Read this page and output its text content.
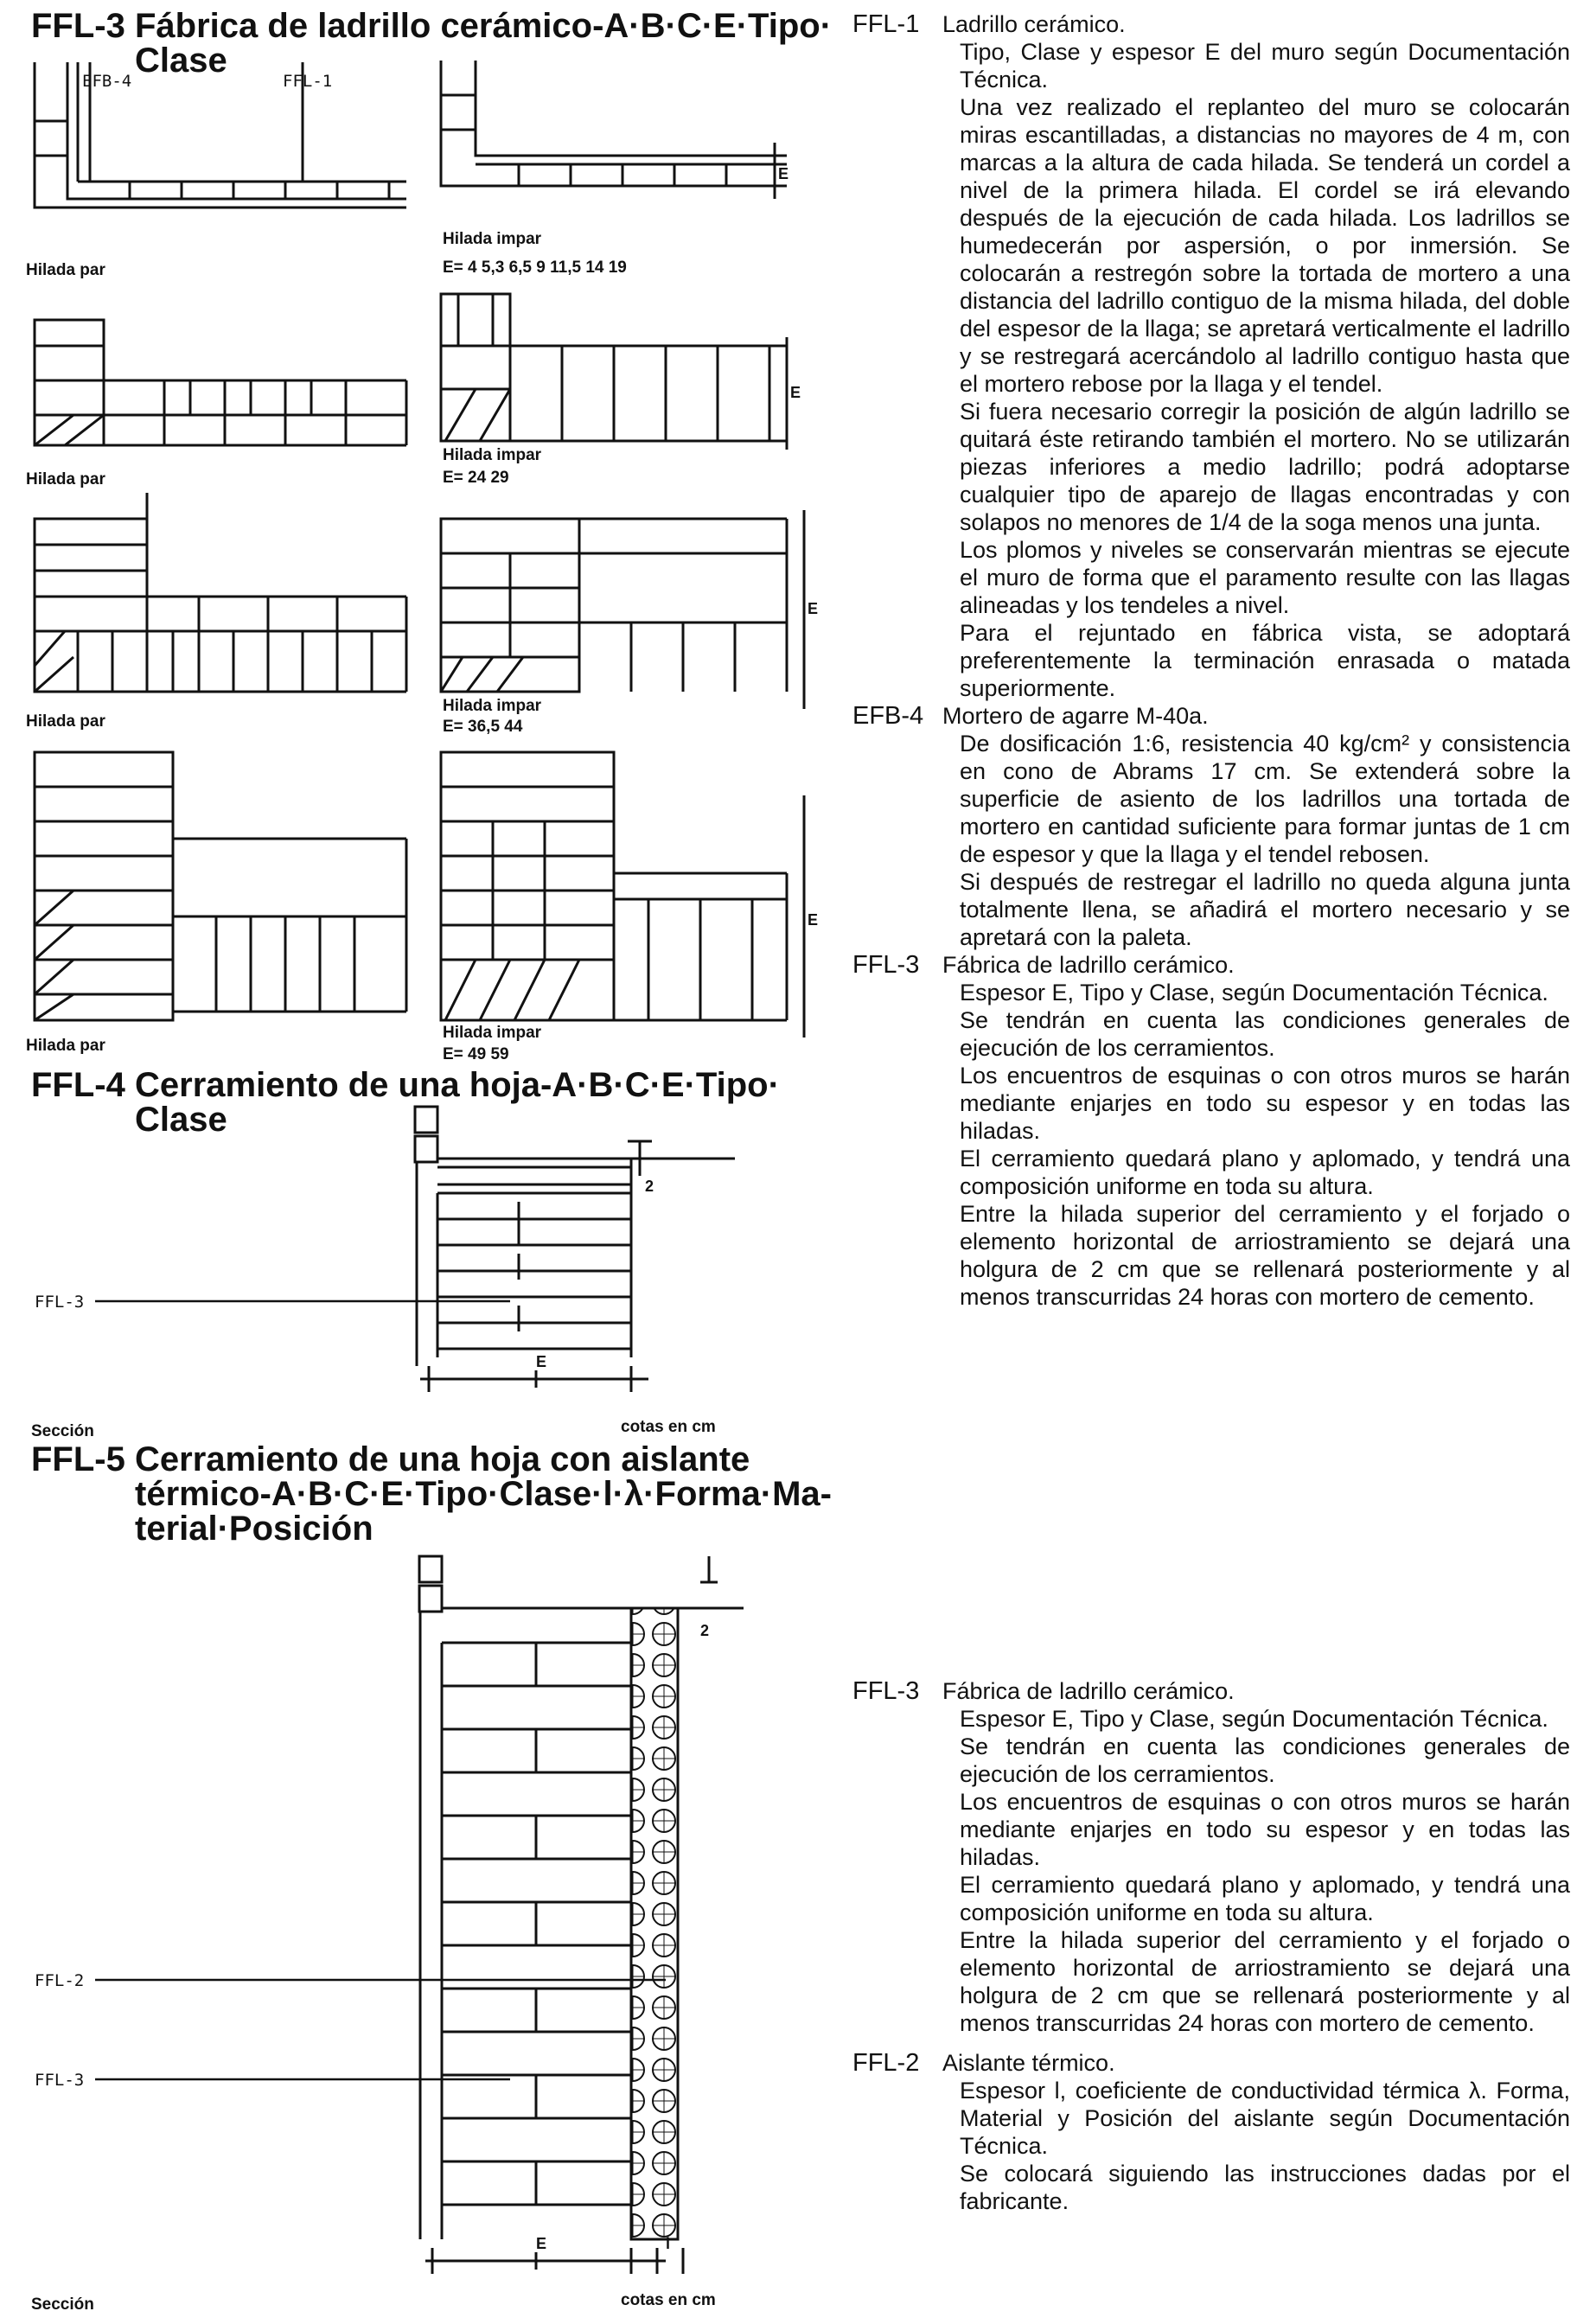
FFL-3 Fábrica de ladrillo cerámico-A·B·C·E·Tipo·
Clase
EFB-4	FFL-1
E
Hilada par
Hilada impar
E= 4 5,3 6,5 9 11,5 14 19
E
Hilada par
Hilada impar
E= 24 29
E
Hilada par
Hilada impar
E= 36,5 44
E
Hilada par
Hilada impar
E= 49 59
FFL-4 Cerramiento de una hoja-A·B·C·E·Tipo·
Clase
2
FFL-3
E
Sección	cotas en cm
FFL-5 Cerramiento de una hoja con aislante
térmico-A·B·C·E·Tipo·Clase·l·λ·Forma·Ma-
terial·Posición
2
FFL-2
FFL-3
E	l
Sección	cotas en cm
FFL-1 Ladrillo cerámico.

Tipo, Clase y espesor E del muro según Documentación Técnica.

Una vez realizado el replanteo del muro se colocarán miras escantilladas, a distancias no mayores de 4 m, con marcas a la altura de cada hilada. Se tenderá un cordel a nivel de la primera hilada. El cordel se irá elevando después de la ejecución de cada hilada. Los ladrillos se humedecerán por aspersión, o por inmersión. Se colocarán a restregón sobre la tortada de mortero a una distancia del ladrillo contiguo de la misma hilada, del doble del espesor de la llaga; se apretará verticalmente el ladrillo y se restregará acercándolo al ladrillo contiguo hasta que el mortero rebose por la llaga y el tendel.

Si fuera necesario corregir la posición de algún ladrillo se quitará éste retirando también el mortero. No se utilizarán piezas inferiores a medio ladrillo; podrá adoptarse cualquier tipo de aparejo de llagas encontradas y con solapos no menores de 1/4 de la soga menos una junta.

Los plomos y niveles se conservarán mientras se ejecute el muro de forma que el paramento resulte con las llagas alineadas y los tendeles a nivel.

Para el rejuntado en fábrica vista, se adoptará preferentemente la terminación enrasada o matada superiormente.

EFB-4 Mortero de agarre M-40a.

De dosificación 1:6, resistencia 40 kg/cm² y consistencia en cono de Abrams 17 cm. Se extenderá sobre la superficie de asiento de los ladrillos una tortada de mortero en cantidad suficiente para formar juntas de 1 cm de espesor y que la llaga y el tendel rebosen.

Si después de restregar el ladrillo no queda alguna junta totalmente llena, se añadirá el mortero necesario y se apretará con la paleta.

FFL-3 Fábrica de ladrillo cerámico.

Espesor E, Tipo y Clase, según Documentación Técnica.

Se tendrán en cuenta las condiciones generales de ejecución de los cerramientos.

Los encuentros de esquinas o con otros muros se harán mediante enjarjes en todo su espesor y en todas las hiladas.

El cerramiento quedará plano y aplomado, y tendrá una composición uniforme en toda su altura.

Entre la hilada superior del cerramiento y el forjado o elemento horizontal de arriostramiento se dejará una holgura de 2 cm que se rellenará posteriormente y al menos transcurridas 24 horas con mortero de cemento.

FFL-3 Fábrica de ladrillo cerámico.

Espesor E, Tipo y Clase, según Documentación Técnica.

Se tendrán en cuenta las condiciones generales de ejecución de los cerramientos.

Los encuentros de esquinas o con otros muros se harán mediante enjarjes en todo su espesor y en todas las hiladas.

El cerramiento quedará plano y aplomado, y tendrá una composición uniforme en toda su altura.

Entre la hilada superior del cerramiento y el forjado o elemento horizontal de arriostramiento se dejará una holgura de 2 cm que se rellenará posteriormente y al menos transcurridas 24 horas con mortero de cemento.

FFL-2 Aislante térmico.

Espesor l, coeficiente de conductividad térmica λ. Forma, Material y Posición del aislante según Documentación Técnica.

Se colocará siguiendo las instrucciones dadas por el fabricante.
